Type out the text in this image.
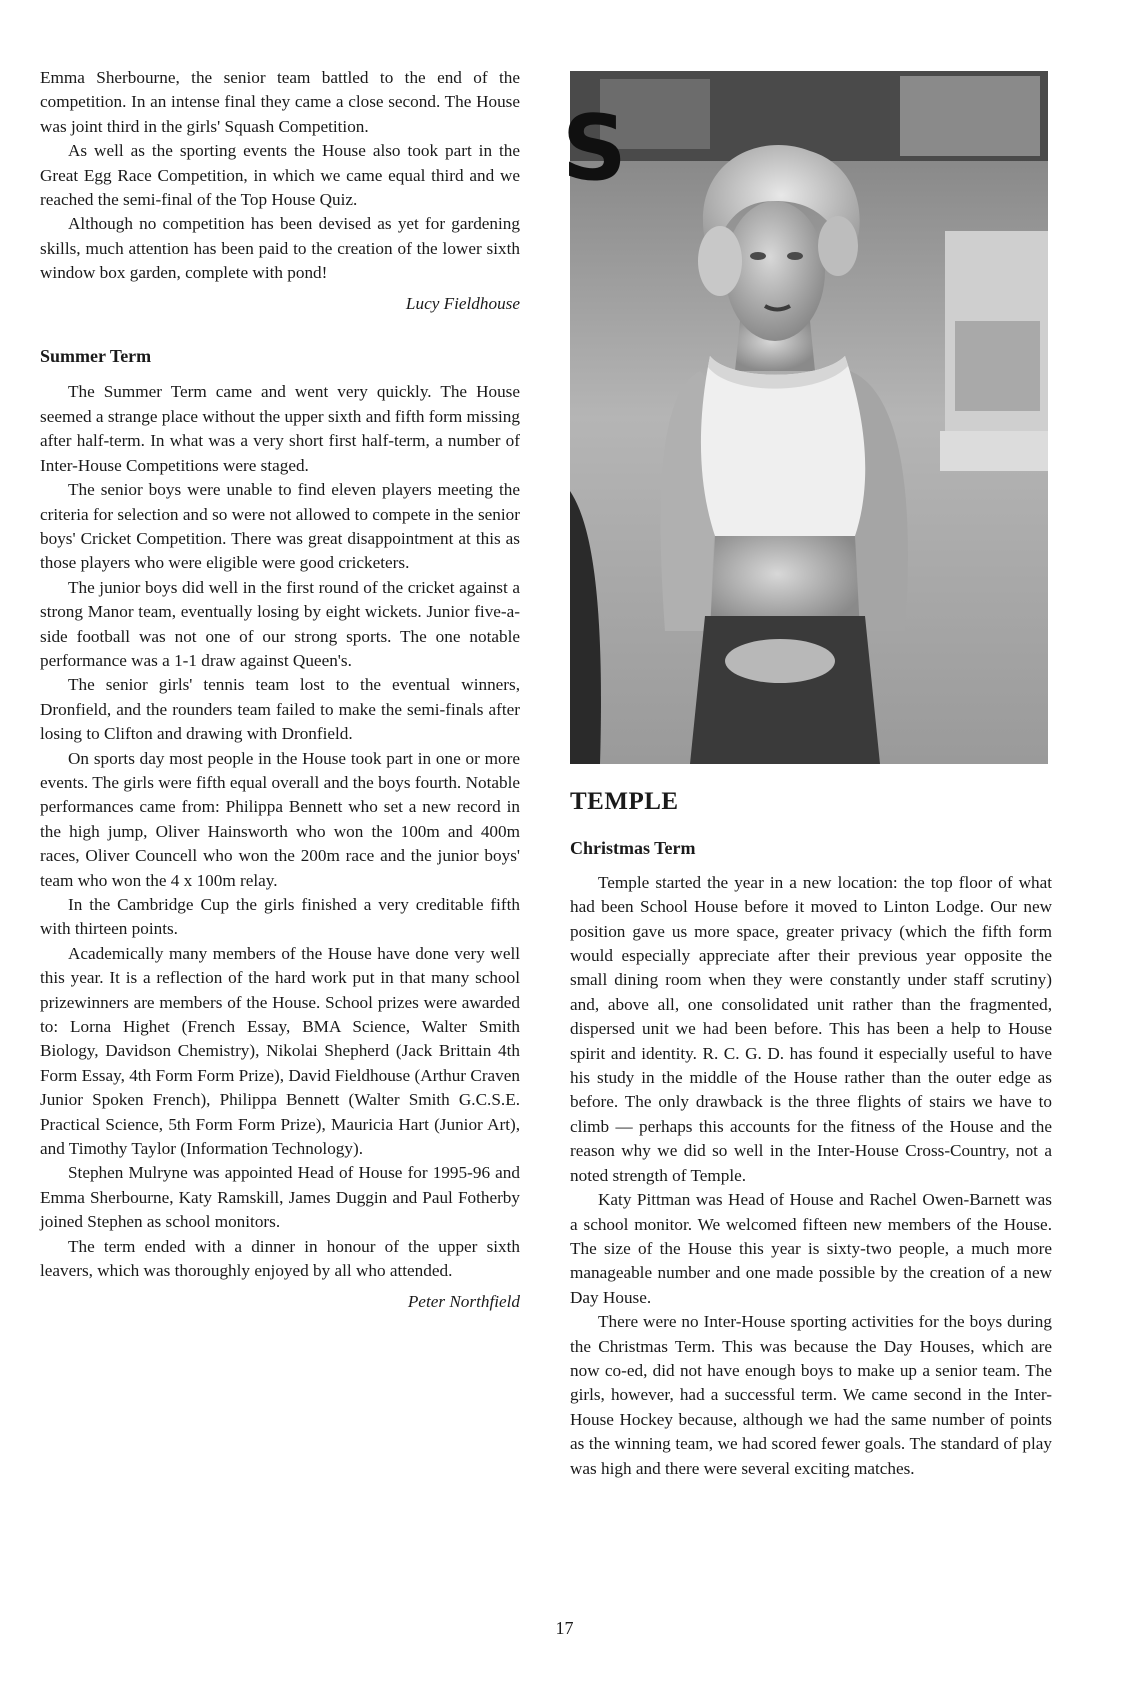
Emma Sherbourne, the senior team battled to the end of the competition. In an intense final they came a close second. The House was joint third in the girls' Squash Competition.

As well as the sporting events the House also took part in the Great Egg Race Competition, in which we came equal third and we reached the semi-final of the Top House Quiz.

Although no competition has been devised as yet for gardening skills, much attention has been paid to the creation of the lower sixth window box garden, complete with pond!

Lucy Fieldhouse
Summer Term

The Summer Term came and went very quickly. The House seemed a strange place without the upper sixth and fifth form missing after half-term. In what was a very short first half-term, a number of Inter-House Competitions were staged.

The senior boys were unable to find eleven players meeting the criteria for selection and so were not allowed to compete in the senior boys' Cricket Competition. There was great disappointment at this as those players who were eligible were good cricketers.

The junior boys did well in the first round of the cricket against a strong Manor team, eventually losing by eight wickets. Junior five-a-side football was not one of our strong sports. The one notable performance was a 1-1 draw against Queen's.

The senior girls' tennis team lost to the eventual winners, Dronfield, and the rounders team failed to make the semi-finals after losing to Clifton and drawing with Dronfield.

On sports day most people in the House took part in one or more events. The girls were fifth equal overall and the boys fourth. Notable performances came from: Philippa Bennett who set a new record in the high jump, Oliver Hainsworth who won the 100m and 400m races, Oliver Councell who won the 200m race and the junior boys' team who won the 4 x 100m relay.

In the Cambridge Cup the girls finished a very creditable fifth with thirteen points.

Academically many members of the House have done very well this year. It is a reflection of the hard work put in that many school prizewinners are members of the House. School prizes were awarded to: Lorna Highet (French Essay, BMA Science, Walter Smith Biology, Davidson Chemistry), Nikolai Shepherd (Jack Brittain 4th Form Essay, 4th Form Form Prize), David Fieldhouse (Arthur Craven Junior Spoken French), Philippa Bennett (Walter Smith G.C.S.E. Practical Science, 5th Form Form Prize), Mauricia Hart (Junior Art), and Timothy Taylor (Information Technology).

Stephen Mulryne was appointed Head of House for 1995-96 and Emma Sherbourne, Katy Ramskill, James Duggin and Paul Fotherby joined Stephen as school monitors.

The term ended with a dinner in honour of the upper sixth leavers, which was thoroughly enjoyed by all who attended.

Peter Northfield
S
TEMPLE
Christmas Term

Temple started the year in a new location: the top floor of what had been School House before it moved to Linton Lodge. Our new position gave us more space, greater privacy (which the fifth form would especially appreciate after their previous year opposite the small dining room when they were constantly under staff scrutiny) and, above all, one consolidated unit rather than the fragmented, dispersed unit we had been before. This has been a help to House spirit and identity. R. C. G. D. has found it especially useful to have his study in the middle of the House rather than the outer edge as before. The only drawback is the three flights of stairs we have to climb — perhaps this accounts for the fitness of the House and the reason why we did so well in the Inter-House Cross-Country, not a noted strength of Temple.

Katy Pittman was Head of House and Rachel Owen-Barnett was a school monitor. We welcomed fifteen new members of the House. The size of the House this year is sixty-two people, a much more manageable number and one made possible by the creation of a new Day House.

There were no Inter-House sporting activities for the boys during the Christmas Term. This was because the Day Houses, which are now co-ed, did not have enough boys to make up a senior team. The girls, however, had a successful term. We came second in the Inter-House Hockey because, although we had the same number of points as the winning team, we had scored fewer goals. The standard of play was high and there were several exciting matches.

17
